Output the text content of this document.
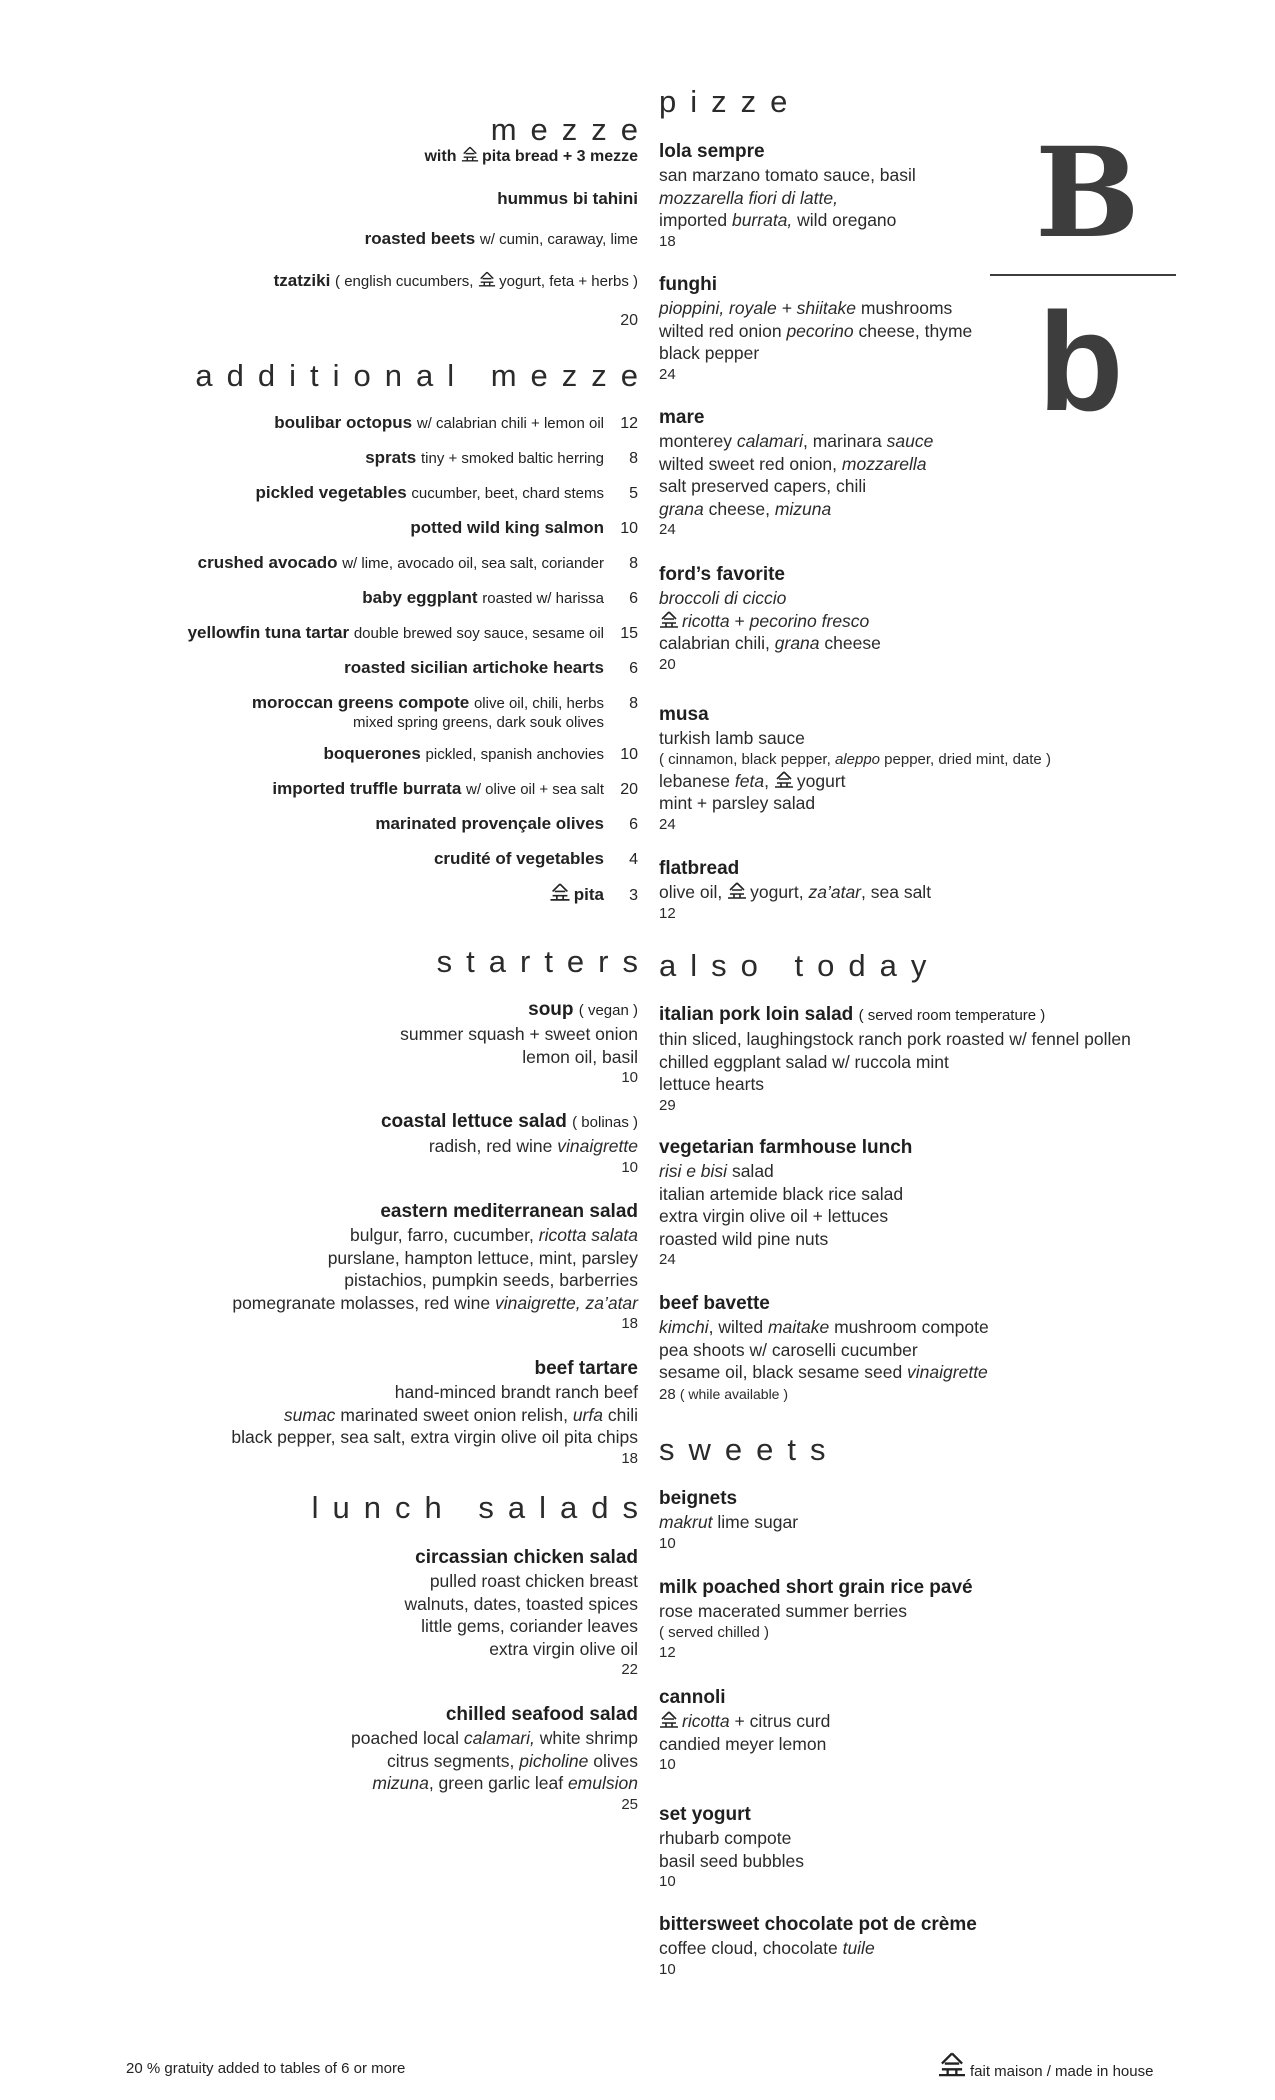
B
b
mezze
with pita bread + 3 mezze
hummus bi tahini
roasted beets w/ cumin, caraway, lime
tzatziki ( english cucumbers, yogurt, feta + herbs )
20
additional mezze
boulibar octopus w/ calabrian chili + lemon oil 12
sprats tiny + smoked baltic herring 8
pickled vegetables cucumber, beet, chard stems 5
potted wild king salmon 10
crushed avocado w/ lime, avocado oil, sea salt, coriander 8
baby eggplant roasted w/ harissa 6
yellowfin tuna tartar double brewed soy sauce, sesame oil 15
roasted sicilian artichoke hearts 6
moroccan greens compote olive oil, chili, herbs 8
mixed spring greens, dark souk olives
boquerones pickled, spanish anchovies 10
imported truffle burrata w/ olive oil + sea salt 20
marinated provençale olives 6
crudité of vegetables 4
pita 3
starters
soup ( vegan )
summer squash + sweet onion
lemon oil, basil
10
coastal lettuce salad ( bolinas )
radish, red wine vinaigrette
10
eastern mediterranean salad
bulgur, farro, cucumber, ricotta salata
purslane, hampton lettuce, mint, parsley
pistachios, pumpkin seeds, barberries
pomegranate molasses, red wine vinaigrette, za’atar
18
beef tartare
hand-minced brandt ranch beef
sumac marinated sweet onion relish, urfa chili
black pepper, sea salt, extra virgin olive oil pita chips
18
lunch salads
circassian chicken salad
pulled roast chicken breast
walnuts, dates, toasted spices
little gems, coriander leaves
extra virgin olive oil
22
chilled seafood salad
poached local calamari, white shrimp
citrus segments, picholine olives
mizuna, green garlic leaf emulsion
25
pizze
lola sempre
san marzano tomato sauce, basil
mozzarella fiori di latte,
imported burrata, wild oregano
18
funghi
pioppini, royale + shiitake mushrooms
wilted red onion pecorino cheese, thyme
black pepper
24
mare
monterey calamari, marinara sauce
wilted sweet red onion, mozzarella
salt preserved capers, chili
grana cheese, mizuna
24
ford’s favorite
broccoli di ciccio
ricotta + pecorino fresco
calabrian chili, grana cheese
20
musa
turkish lamb sauce
( cinnamon, black pepper, aleppo pepper, dried mint, date )
lebanese feta, yogurt
mint + parsley salad
24
flatbread
olive oil, yogurt, za’atar, sea salt
12
also today
italian pork loin salad ( served room temperature )
thin sliced, laughingstock ranch pork roasted w/ fennel pollen
chilled eggplant salad w/ ruccola mint
lettuce hearts
29
vegetarian farmhouse lunch
risi e bisi salad
italian artemide black rice salad
extra virgin olive oil + lettuces
roasted wild pine nuts
24
beef bavette
kimchi, wilted maitake mushroom compote
pea shoots w/ caroselli cucumber
sesame oil, black sesame seed vinaigrette
28 ( while available )
sweets
beignets
makrut lime sugar
10
milk poached short grain rice pavé
rose macerated summer berries
( served chilled )
12
cannoli
ricotta + citrus curd
candied meyer lemon
10
set yogurt
rhubarb compote
basil seed bubbles
10
bittersweet chocolate pot de crème
coffee cloud, chocolate tuile
10
20 % gratuity added to tables of 6 or more	fait maison / made in house
